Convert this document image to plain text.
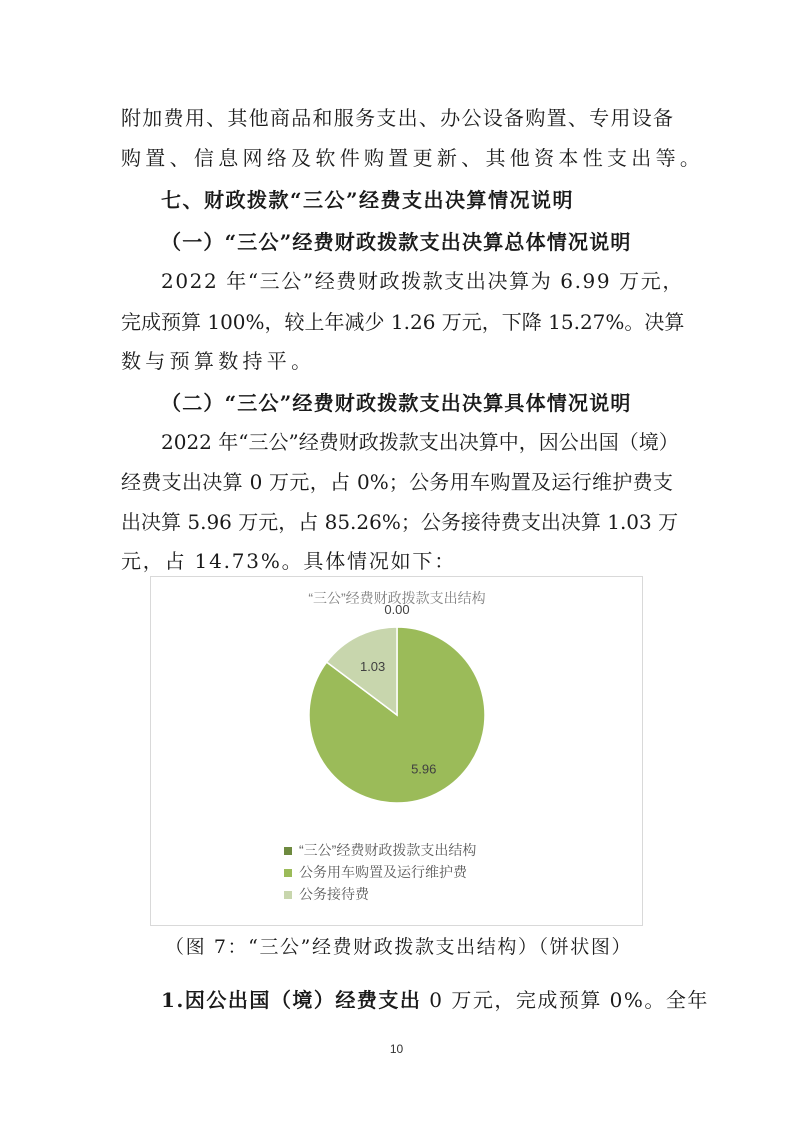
附加费用、其他商品和服务支出、办公设备购置、专用设备
购置、信息网络及软件购置更新、其他资本性支出等。
七、财政拨款“三公”经费支出决算情况说明
（一）“三公”经费财政拨款支出决算总体情况说明
2022 年“三公”经费财政拨款支出决算为 6.99 万元，
完成预算 100%，较上年减少 1.26 万元，下降 15.27%。决算
数与预算数持平。
（二）“三公”经费财政拨款支出决算具体情况说明
2022 年“三公”经费财政拨款支出决算中，因公出国（境）
经费支出决算 0 万元，占 0%；公务用车购置及运行维护费支
出决算 5.96 万元，占 85.26%；公务接待费支出决算 1.03 万
元，占 14.73%。具体情况如下：
“三公”经费财政拨款支出结构
0.00
5.96
1.03
“三公”经费财政拨款支出结构
公务用车购置及运行维护费
公务接待费
（图 7：“三公”经费财政拨款支出结构）（饼状图）
1.因公出国（境）经费支出 0 万元，完成预算 0%。全年
10
